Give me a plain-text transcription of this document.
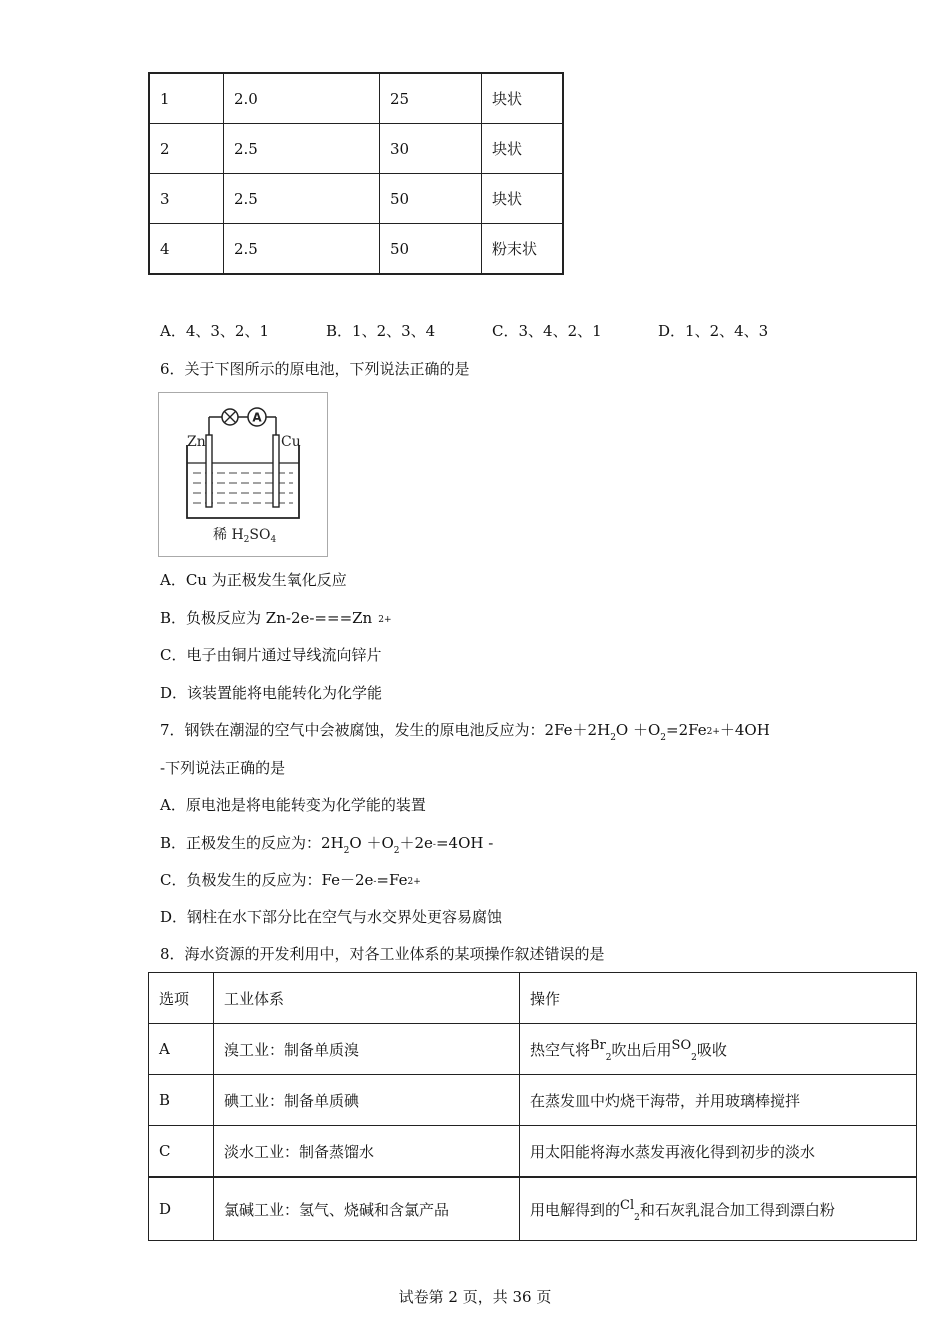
1	2.0	25	块状
2	2.5	30	块状
3	2.5	50	块状
4	2.5	50	粉末状
A．4、3、2、1	B．1、2、3、4	C．3、4、2、1	D．1、2、4、3
6．关于下图所示的原电池，下列说法正确的是
A
Zn	Cu
稀 $H_2SO_4$
A．Cu 为正极发生氧化反应
B．负极反应为 Zn-2e-===Zn 2+
C．电子由铜片通过导线流向锌片
D．该装置能将电能转化为化学能
7．钢铁在潮湿的空气中会被腐蚀，发生的原电池反应为：$2Fe+2H_2O +O_2=2Fe2++4OH$
-下列说法正确的是
A．原电池是将电能转变为化学能的装置
B．正极发生的反应为：$2H_2O +O_2+2e-=4OH$ -
C．负极发生的反应为：Fe－2e-=Fe2+
D．钢柱在水下部分比在空气与水交界处更容易腐蚀
8．海水资源的开发利用中，对各工业体系的某项操作叙述错误的是
选项	工业体系	操作
A	溴工业：制备单质溴	热空气将$Br_2$吹出后用$SO_2$吸收
B	碘工业：制备单质碘	在蒸发皿中灼烧干海带，并用玻璃棒搅拌
C	淡水工业：制备蒸馏水	用太阳能将海水蒸发再液化得到初步的淡水
D	氯碱工业：氢气、烧碱和含氯产品	用电解得到的$Cl_2$和石灰乳混合加工得到漂白粉
试卷第 2 页，共 36 页
